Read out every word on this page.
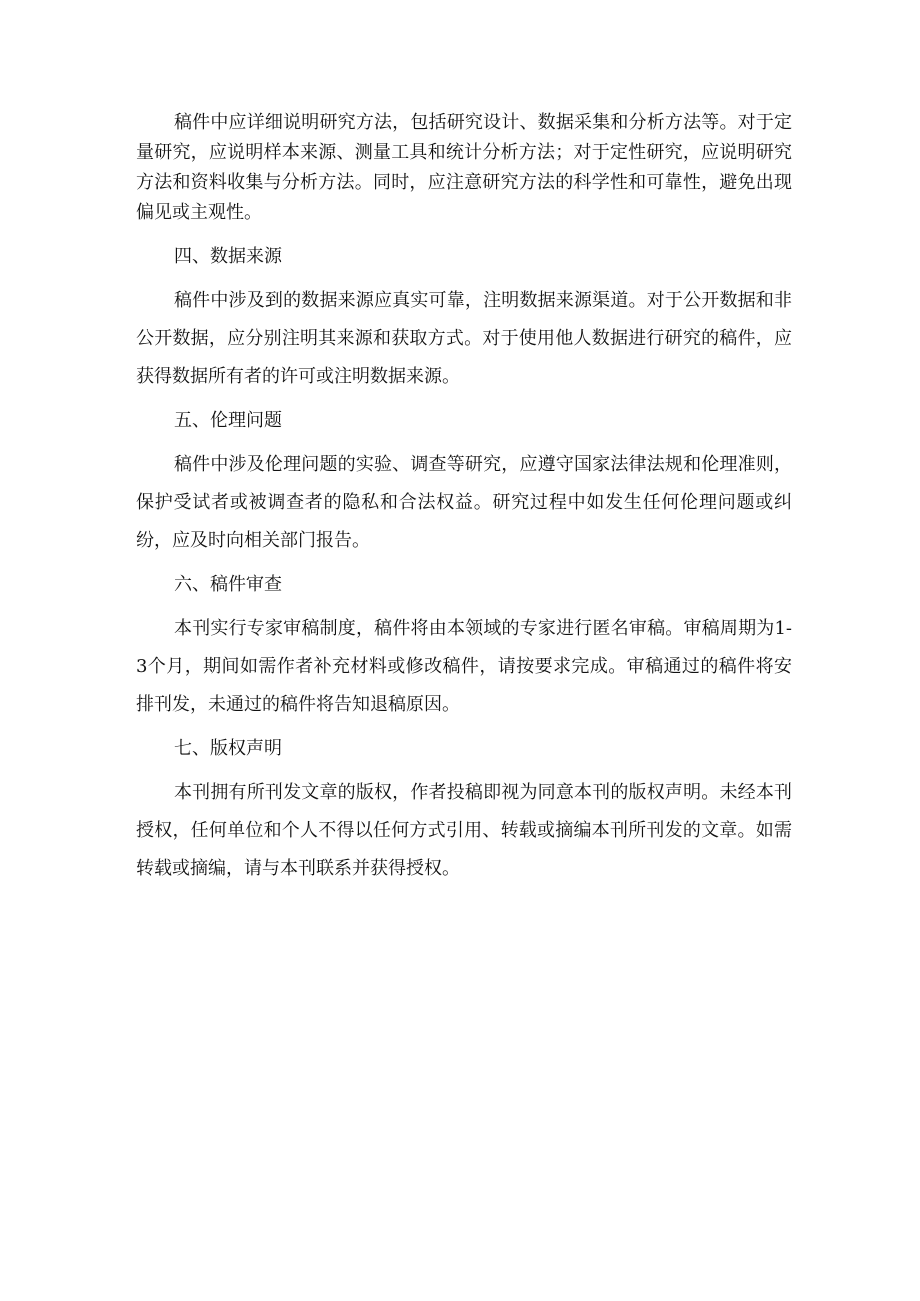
稿件中应详细说明研究方法，包括研究设计、数据采集和分析方法等。对于定量研究，应说明样本来源、测量工具和统计分析方法；对于定性研究，应说明研究方法和资料收集与分析方法。同时，应注意研究方法的科学性和可靠性，避免出现偏见或主观性。

四、数据来源

稿件中涉及到的数据来源应真实可靠，注明数据来源渠道。对于公开数据和非公开数据，应分别注明其来源和获取方式。对于使用他人数据进行研究的稿件，应获得数据所有者的许可或注明数据来源。

五、伦理问题

稿件中涉及伦理问题的实验、调查等研究，应遵守国家法律法规和伦理准则，保护受试者或被调查者的隐私和合法权益。研究过程中如发生任何伦理问题或纠纷，应及时向相关部门报告。

六、稿件审查

本刊实行专家审稿制度，稿件将由本领域的专家进行匿名审稿。审稿周期为1-3个月，期间如需作者补充材料或修改稿件，请按要求完成。审稿通过的稿件将安排刊发，未通过的稿件将告知退稿原因。

七、版权声明

本刊拥有所刊发文章的版权，作者投稿即视为同意本刊的版权声明。未经本刊授权，任何单位和个人不得以任何方式引用、转载或摘编本刊所刊发的文章。如需转载或摘编，请与本刊联系并获得授权。
